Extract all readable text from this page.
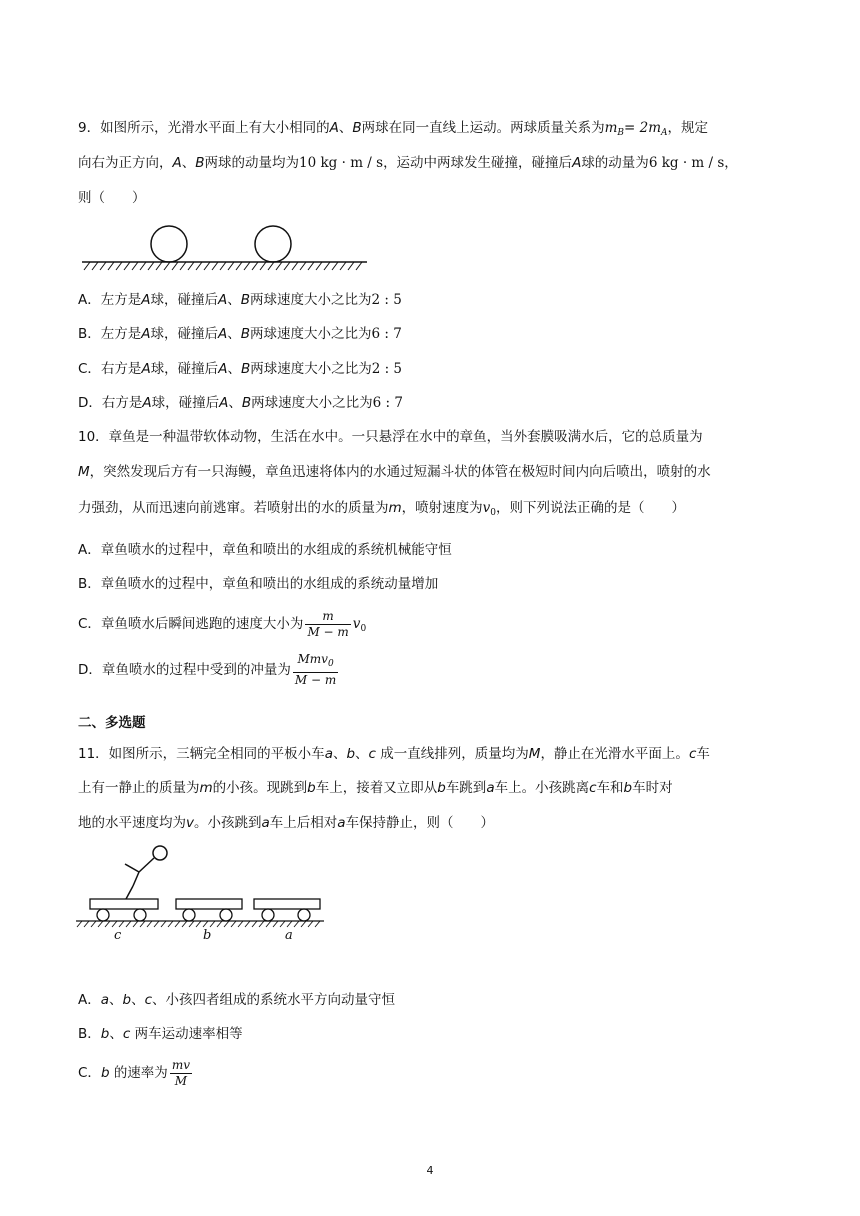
9．如图所示，光滑水平面上有大小相同的A、B两球在同一直线上运动。两球质量关系为$m_B= 2m_A$，规定
向右为正方向，A、B两球的动量均为10 kg · m / s，运动中两球发生碰撞，碰撞后A球的动量为6 kg · m / s，
则（　　）
A．左方是A球，碰撞后A、B两球速度大小之比为2 : 5
B．左方是A球，碰撞后A、B两球速度大小之比为6 : 7
C．右方是A球，碰撞后A、B两球速度大小之比为2 : 5
D．右方是A球，碰撞后A、B两球速度大小之比为6 : 7
10．章鱼是一种温带软体动物，生活在水中。一只悬浮在水中的章鱼，当外套膜吸满水后，它的总质量为
M，突然发现后方有一只海鳗，章鱼迅速将体内的水通过短漏斗状的体管在极短时间内向后喷出，喷射的水
力强劲，从而迅速向前逃窜。若喷射出的水的质量为m，喷射速度为$v_0$，则下列说法正确的是（　　）
A．章鱼喷水的过程中，章鱼和喷出的水组成的系统机械能守恒
B．章鱼喷水的过程中，章鱼和喷出的水组成的系统动量增加
C．章鱼喷水后瞬间逃跑的速度大小为 $\frac{m}{M - m} v_0$
D．章鱼喷水的过程中受到的冲量为 $\frac{Mmv_0}{M - m}$
二、多选题
11．如图所示，三辆完全相同的平板小车a、b、c 成一直线排列，质量均为M，静止在光滑水平面上。c车
上有一静止的质量为m的小孩。现跳到b车上，接着又立即从b车跳到a车上。小孩跳离c车和b车时对
地的水平速度均为v。小孩跳到a车上后相对a车保持静止，则（　　）
c	b	a
A．a、b、c、小孩四者组成的系统水平方向动量守恒
B．b、c 两车运动速率相等
C．b 的速率为 $\frac{mv}{M}$
4
